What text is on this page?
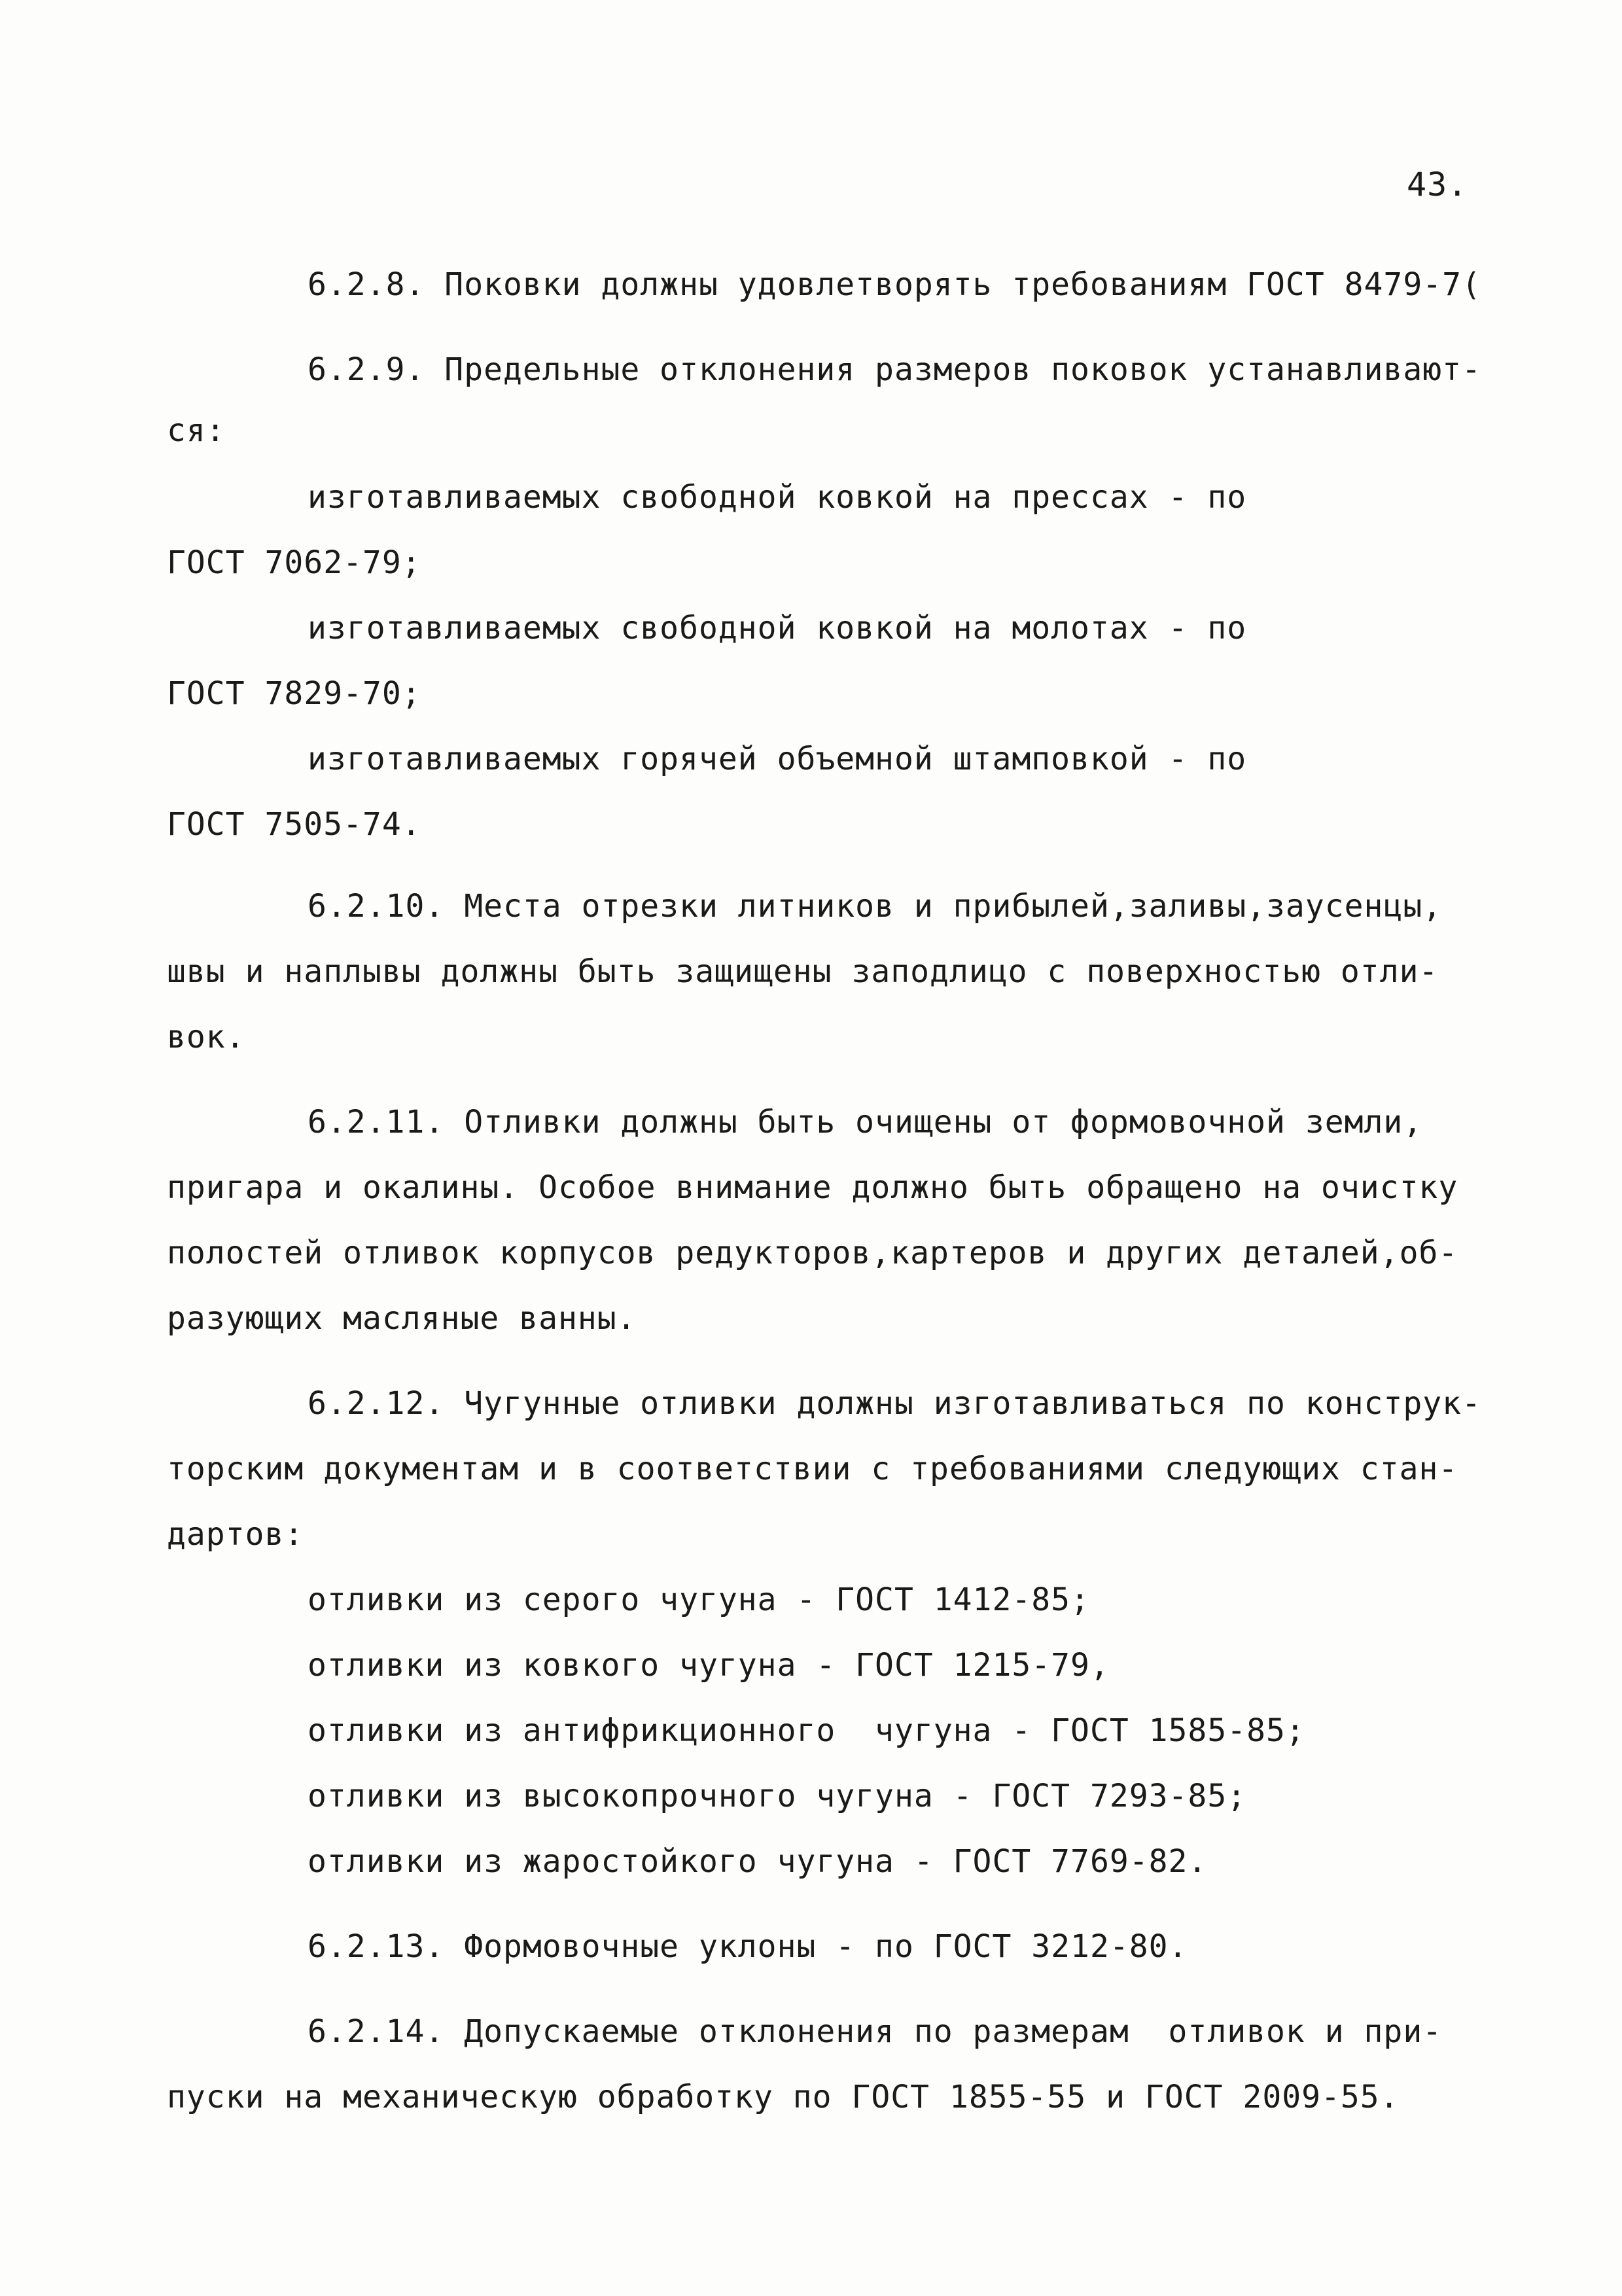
43.
6.2.8. Поковки должны удовлетворять требованиям ГОСТ 8479-7(
6.2.9. Предельные отклонения размеров поковок устанавливают-
ся:
изготавливаемых свободной ковкой на прессах - по
ГОСТ 7062-79;
изготавливаемых свободной ковкой на молотах - по
ГОСТ 7829-70;
изготавливаемых горячей объемной штамповкой - по
ГОСТ 7505-74.
6.2.10. Места отрезки литников и прибылей,заливы,заусенцы,
швы и наплывы должны быть защищены заподлицо с поверхностью отли-
вок.
6.2.11. Отливки должны быть очищены от формовочной земли,
пригара и окалины. Особое внимание должно быть обращено на очистку
полостей отливок корпусов редукторов,картеров и других деталей,об-
разующих масляные ванны.
6.2.12. Чугунные отливки должны изготавливаться по конструк-
торским документам и в соответствии с требованиями следующих стан-
дартов:
отливки из серого чугуна - ГОСТ 1412-85;
отливки из ковкого чугуна - ГОСТ 1215-79,
отливки из антифрикционного  чугуна - ГОСТ 1585-85;
отливки из высокопрочного чугуна - ГОСТ 7293-85;
отливки из жаростойкого чугуна - ГОСТ 7769-82.
6.2.13. Формовочные уклоны - по ГОСТ 3212-80.
6.2.14. Допускаемые отклонения по размерам  отливок и при-
пуски на механическую обработку по ГОСТ 1855-55 и ГОСТ 2009-55.
